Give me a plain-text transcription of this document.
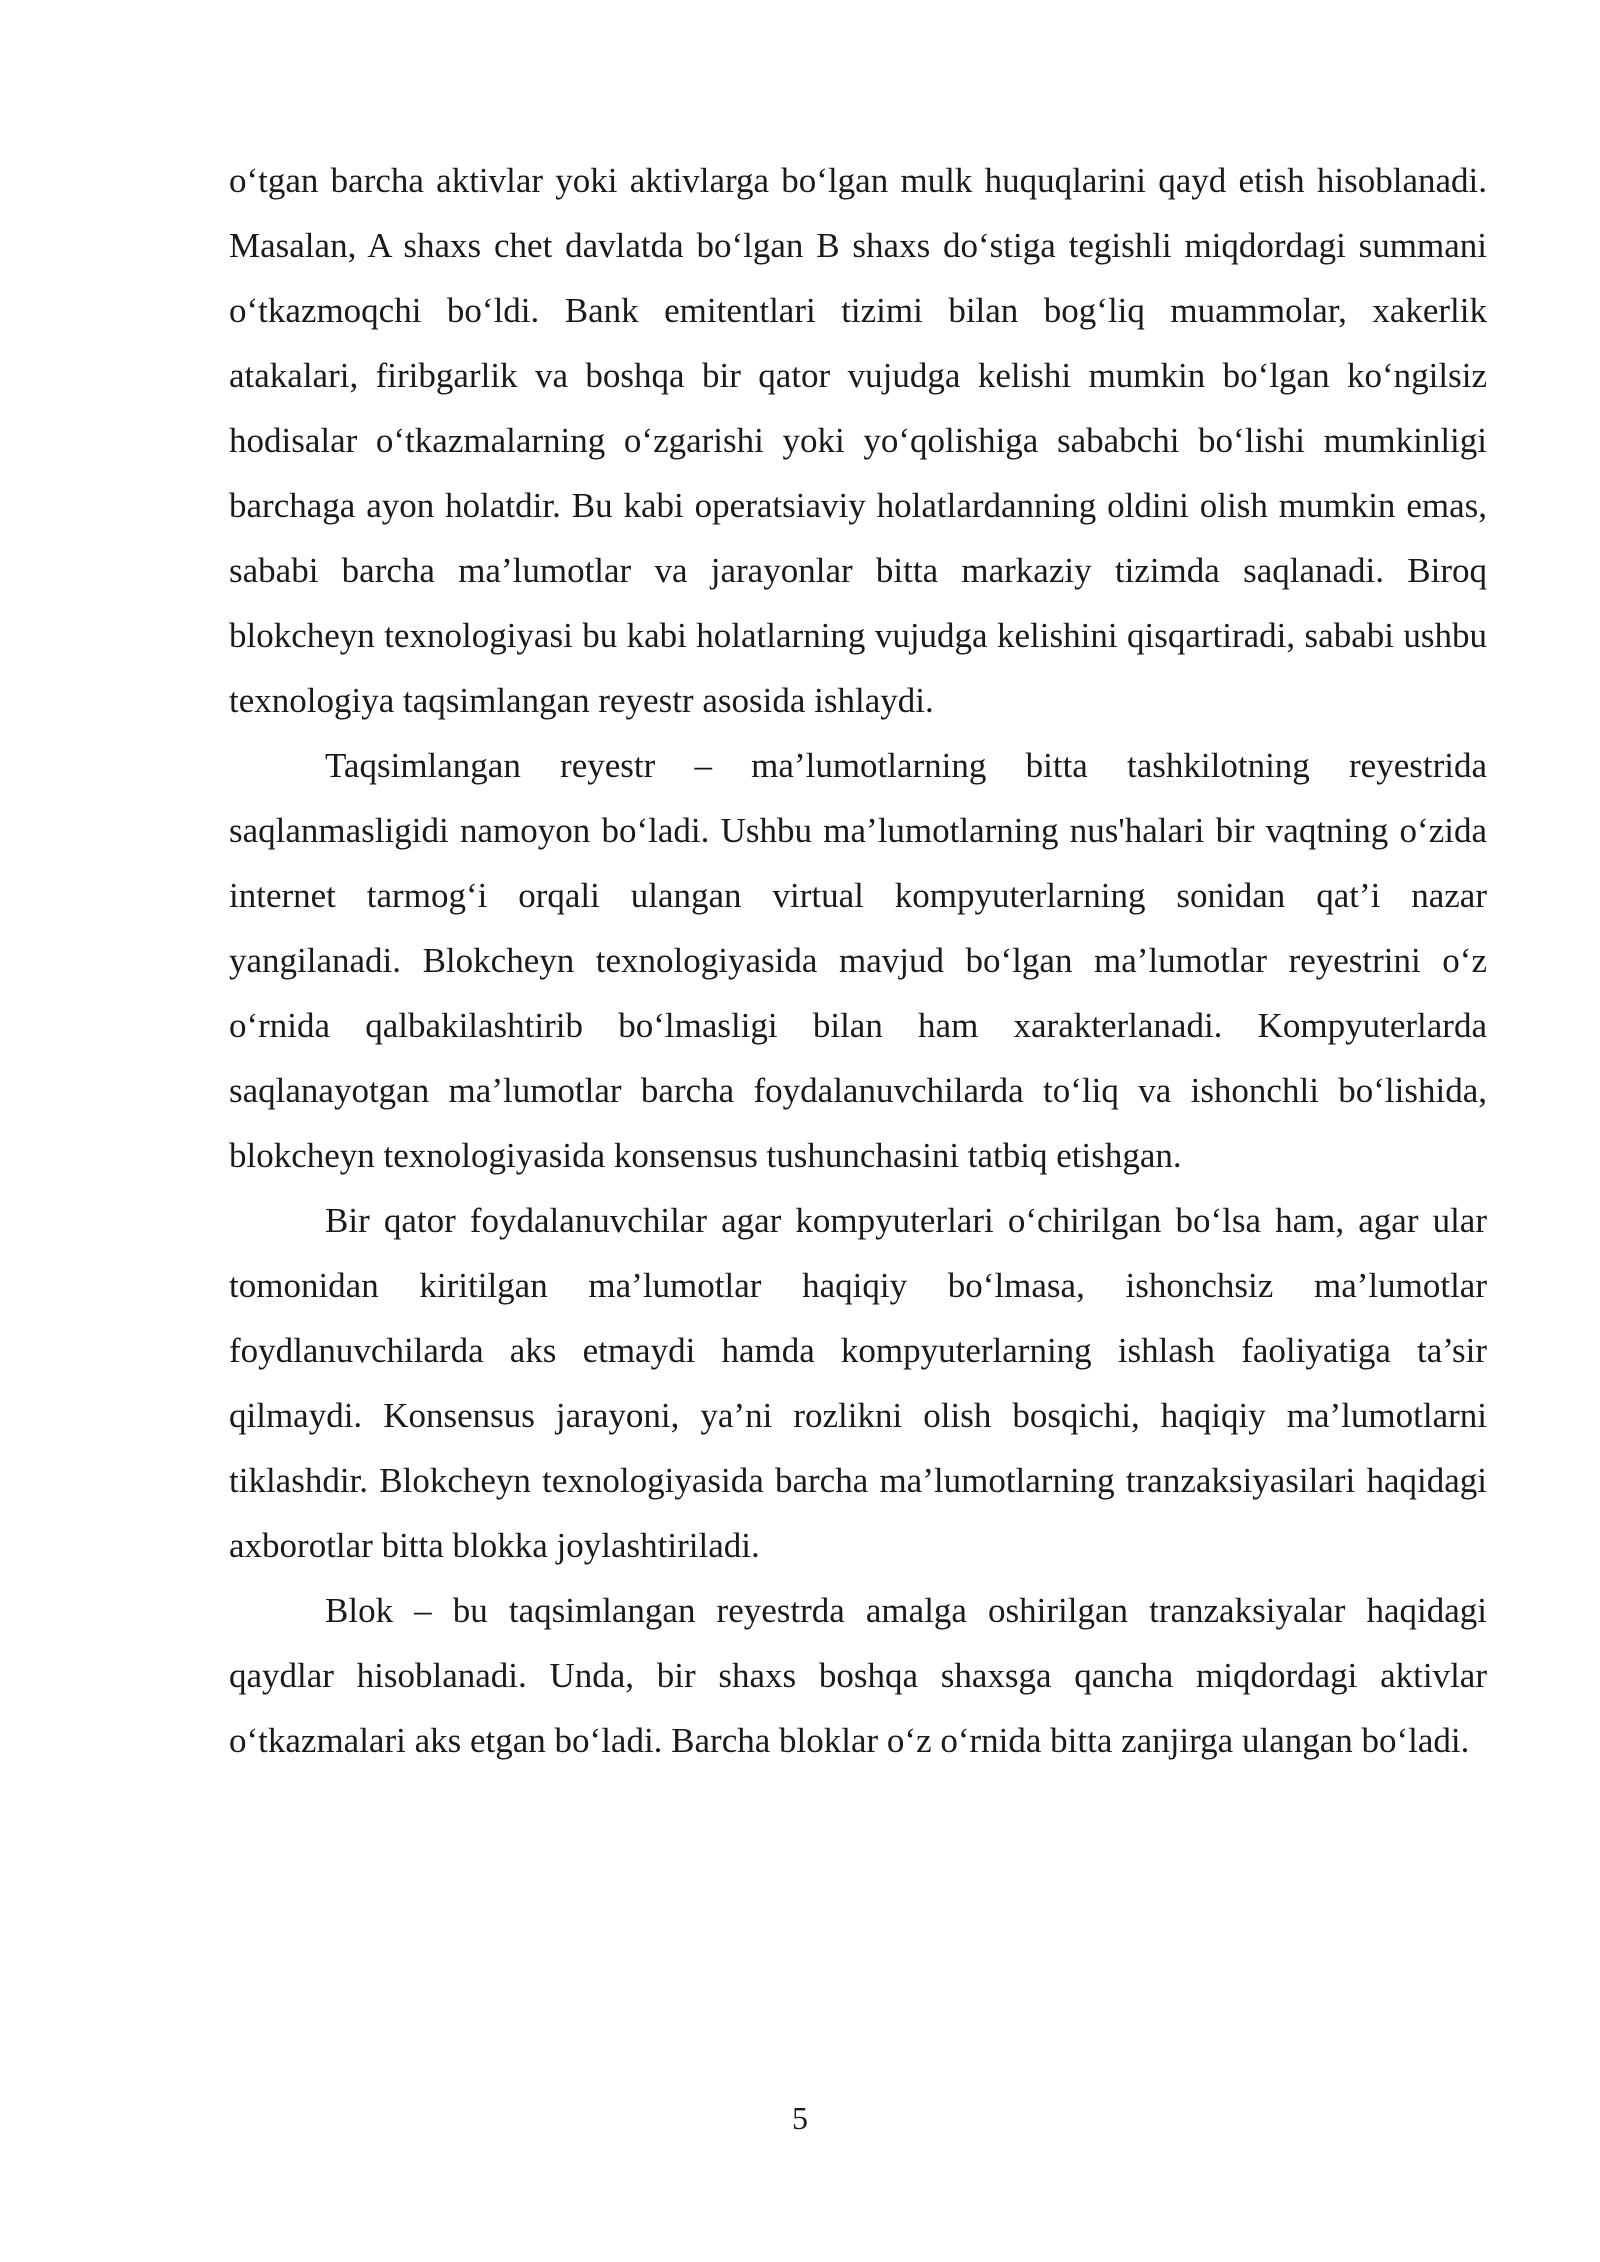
o‘tgan barcha aktivlar yoki aktivlarga bo‘lgan mulk huquqlarini qayd etish hisoblanadi. Masalan, A shaxs chet davlatda bo‘lgan B shaxs do‘stiga tegishli miqdordagi summani o‘tkazmoqchi bo‘ldi. Bank emitentlari tizimi bilan bog‘liq muammolar, xakerlik atakalari, firibgarlik va boshqa bir qator vujudga kelishi mumkin bo‘lgan ko‘ngilsiz hodisalar o‘tkazmalarning o‘zgarishi yoki yo‘qolishiga sababchi bo‘lishi mumkinligi barchaga ayon holatdir. Bu kabi operatsiaviy holatlardanning oldini olish mumkin emas, sababi barcha ma’lumotlar va jarayonlar bitta markaziy tizimda saqlanadi. Biroq blokcheyn texnologiyasi bu kabi holatlarning vujudga kelishini qisqartiradi, sababi ushbu texnologiya taqsimlangan reyestr asosida ishlaydi.

Taqsimlangan reyestr – ma’lumotlarning bitta tashkilotning reyestrida saqlanmasligidi namoyon bo‘ladi. Ushbu ma’lumotlarning nus'halari bir vaqtning o‘zida internet tarmog‘i orqali ulangan virtual kompyuterlarning sonidan qat’i nazar yangilanadi. Blokcheyn texnologiyasida mavjud bo‘lgan ma’lumotlar reyestrini o‘z o‘rnida qalbakilashtirib bo‘lmasligi bilan ham xarakterlanadi. Kompyuterlarda saqlanayotgan ma’lumotlar barcha foydalanuvchilarda to‘liq va ishonchli bo‘lishida, blokcheyn texnologiyasida konsensus tushunchasini tatbiq etishgan.

Bir qator foydalanuvchilar agar kompyuterlari o‘chirilgan bo‘lsa ham, agar ular tomonidan kiritilgan ma’lumotlar haqiqiy bo‘lmasa, ishonchsiz ma’lumotlar foydlanuvchilarda aks etmaydi hamda kompyuterlarning ishlash faoliyatiga ta’sir qilmaydi. Konsensus jarayoni, ya’ni rozlikni olish bosqichi, haqiqiy ma’lumotlarni tiklashdir. Blokcheyn texnologiyasida barcha ma’lumotlarning tranzaksiyasilari haqidagi axborotlar bitta blokka joylashtiriladi.

Blok – bu taqsimlangan reyestrda amalga oshirilgan tranzaksiyalar haqidagi qaydlar hisoblanadi. Unda, bir shaxs boshqa shaxsga qancha miqdordagi aktivlar o‘tkazmalari aks etgan bo‘ladi. Barcha bloklar o‘z o‘rnida bitta zanjirga ulangan bo‘ladi.

5
